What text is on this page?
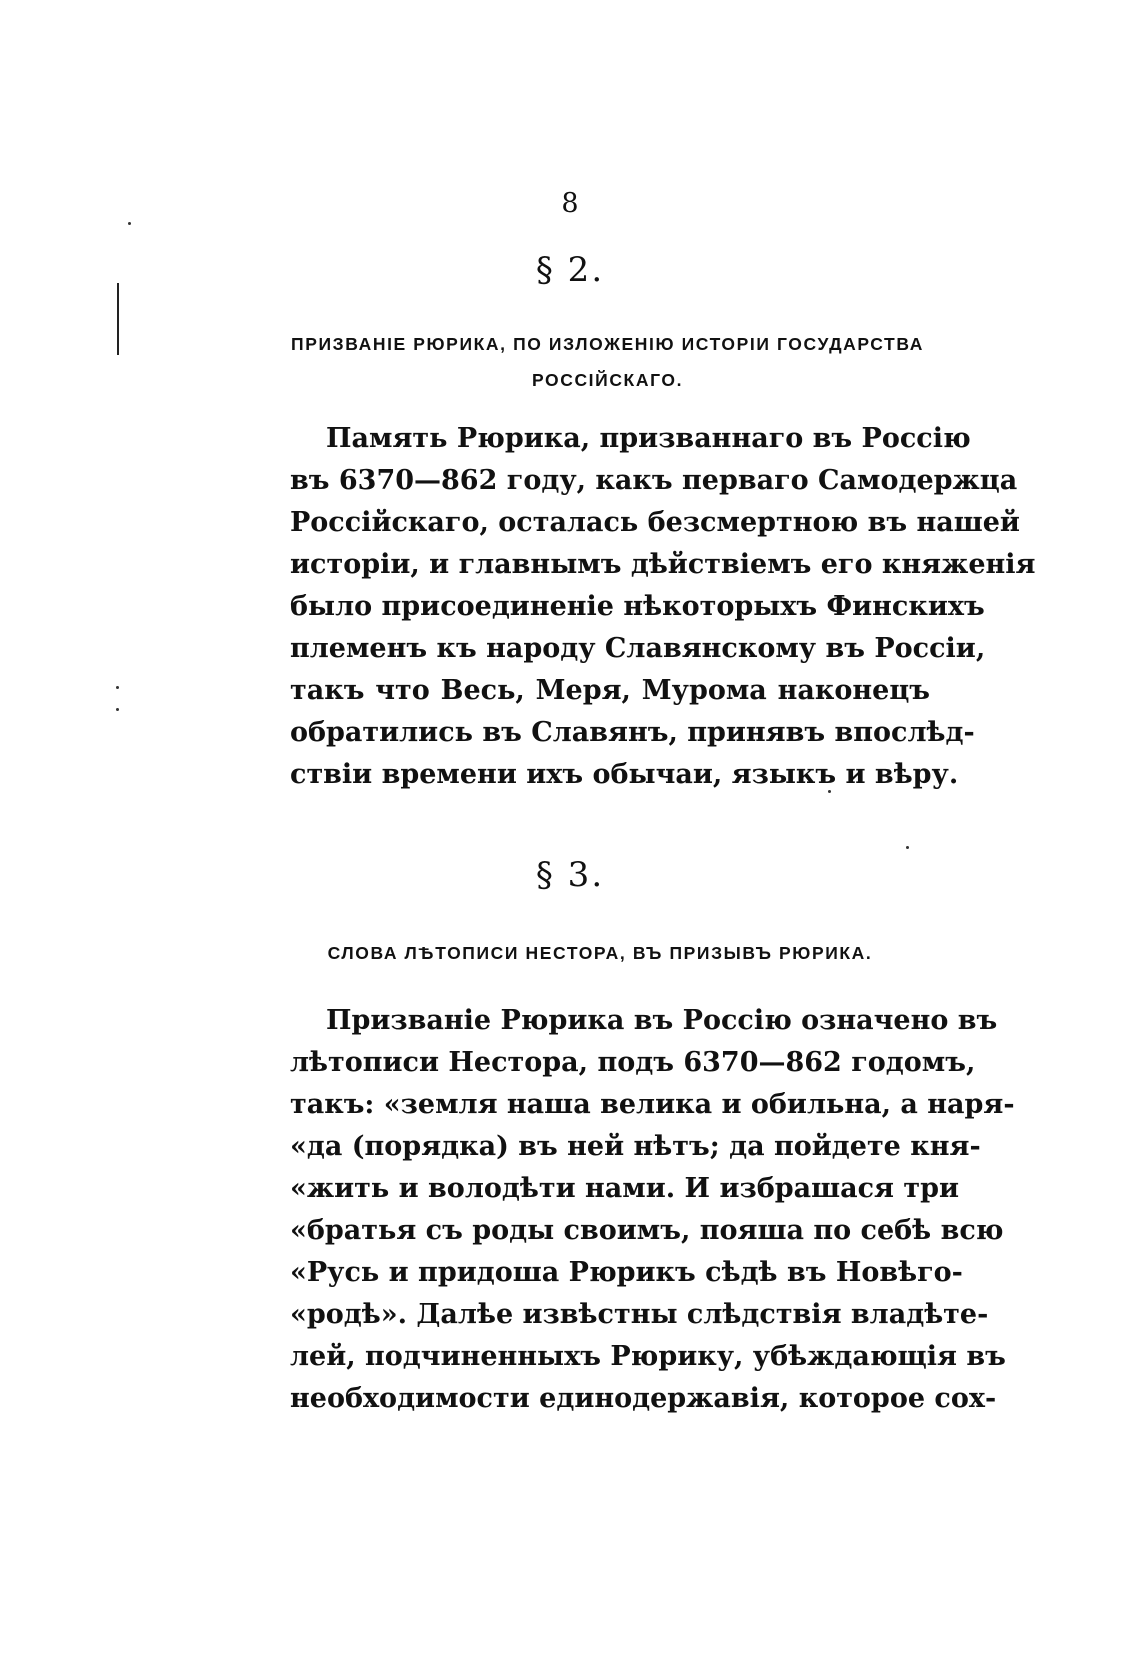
8
§ 2.
ПРИЗВАНІЕ РЮРИКА, ПО ИЗЛОЖЕНІЮ ИСТОРІИ ГОСУДАРСТВА
РОССІЙСКАГО.
Память Рюрика, призваннаго въ Россію
въ 6370—862 году, какъ перваго Самодержца
Россійскаго, осталась безсмертною въ нашей
исторіи, и главнымъ дѣйствіемъ его княженія
было присоединеніе нѣкоторыхъ Финскихъ
племенъ къ народу Славянскому въ Россіи,
такъ что Весь, Меря, Мурома наконецъ
обратились въ Славянъ, принявъ впослѣд-
ствіи времени ихъ обычаи, языкъ и вѣру.
§ 3.
СЛОВА ЛѢТОПИСИ НЕСТОРА, ВЪ ПРИЗЫВЪ РЮРИКА.
Призваніе Рюрика въ Россію означено въ
лѣтописи Нестора, подъ 6370—862 годомъ,
такъ: «земля наша велика и обильна, а наря-
«да (порядка) въ ней нѣтъ; да пойдете кня-
«жить и володѣти нами. И избрашася три
«братья съ роды своимъ, пояша по себѣ всю
«Русь и придоша Рюрикъ сѣдѣ въ Новѣго-
«родѣ». Далѣе извѣстны слѣдствія владѣте-
лей, подчиненныхъ Рюрику, убѣждающія въ
необходимости единодержавія, которое сох-
